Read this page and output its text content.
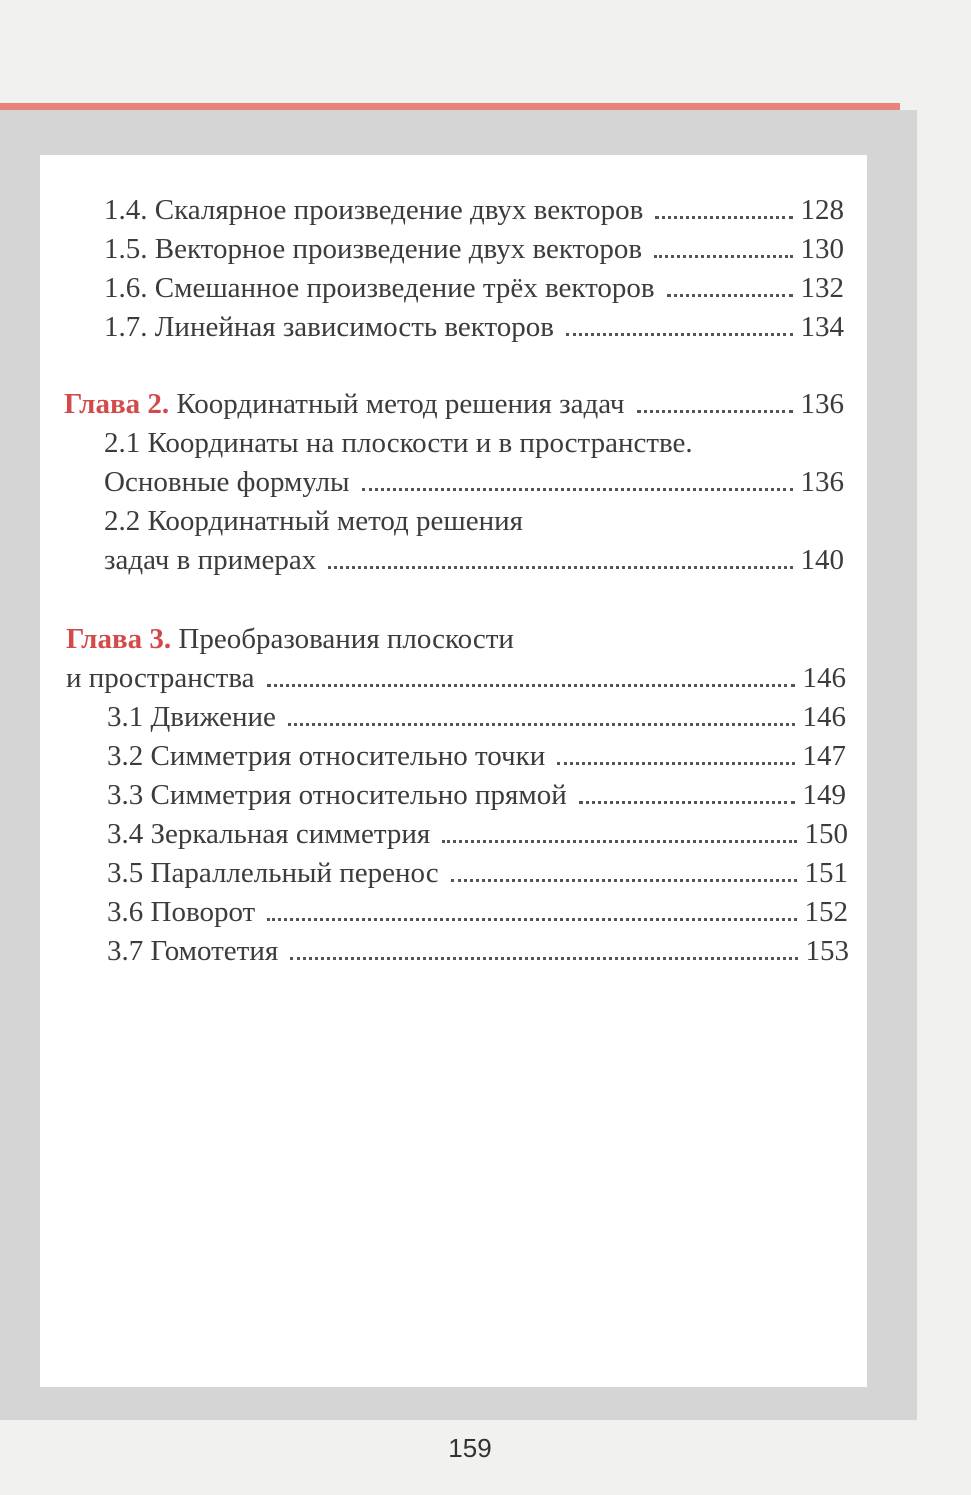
1.4. Скалярное произведение двух векторов	128
1.5. Векторное произведение двух векторов	130
1.6. Смешанное произведение трёх векторов	132
1.7. Линейная зависимость векторов	134
Глава 2. Координатный метод решения задач	136
2.1 Координаты на плоскости и в пространстве.
Основные формулы	136
2.2 Координатный метод решения
задач в примерах	140
Глава 3. Преобразования плоскости
и пространства	146
3.1 Движение	146
3.2 Симметрия относительно точки	147
3.3 Симметрия относительно прямой	149
3.4 Зеркальная симметрия	150
3.5 Параллельный перенос	151
3.6 Поворот	152
3.7 Гомотетия	153
159
